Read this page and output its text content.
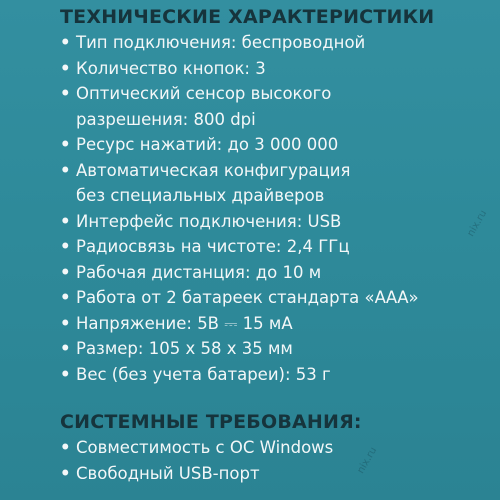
ТЕХНИЧЕСКИЕ ХАРАКТЕРИСТИКИ
• Тип подключения: беспроводной
• Количество кнопок: 3
• Оптический сенсор высокого
разрешения: 800 dpi
• Ресурс нажатий: до 3 000 000
• Автоматическая конфигурация
без специальных драйверов
• Интерфейс подключения: USB
• Радиосвязь на чистоте: 2,4 ГГц
• Рабочая дистанция: до 10 м
• Работа от 2 батареек стандарта «ААА»
• Напряжение: 5В ⎓ 15 мА
• Размер: 105 x 58 x 35 мм
• Вес (без учета батареи): 53 г
СИСТЕМНЫЕ ТРЕБОВАНИЯ:
• Совместимость с ОС Windows
• Свободный USB-порт
nix.ru
nix.ru
